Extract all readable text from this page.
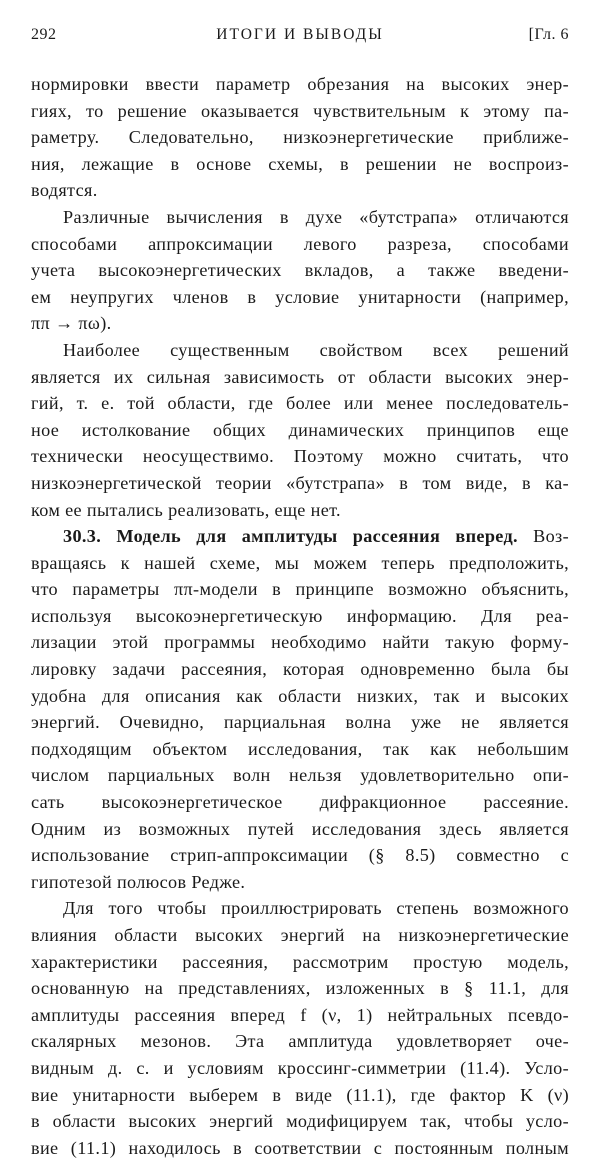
292	ИТОГИ И ВЫВОДЫ	[Гл. 6
нормировки ввести параметр обрезания на высоких энер-
гиях, то решение оказывается чувствительным к этому па-
раметру. Следовательно, низкоэнергетические приближе-
ния, лежащие в основе схемы, в решении не воспроиз-
водятся.
Различные вычисления в духе «бутстрапа» отличаются
способами аппроксимации левого разреза, способами
учета высокоэнергетических вкладов, а также введени-
ем неупругих членов в условие унитарности (например,
ππ → πω).
Наиболее существенным свойством всех решений
является их сильная зависимость от области высоких энер-
гий, т. е. той области, где более или менее последователь-
ное истолкование общих динамических принципов еще
технически неосуществимо. Поэтому можно считать, что
низкоэнергетической теории «бутстрапа» в том виде, в ка-
ком ее пытались реализовать, еще нет.
30.3. Модель для амплитуды рассеяния вперед. Воз-
вращаясь к нашей схеме, мы можем теперь предположить,
что параметры ππ-модели в принципе возможно объяснить,
используя высокоэнергетическую информацию. Для реа-
лизации этой программы необходимо найти такую форму-
лировку задачи рассеяния, которая одновременно была бы
удобна для описания как области низких, так и высоких
энергий. Очевидно, парциальная волна уже не является
подходящим объектом исследования, так как небольшим
числом парциальных волн нельзя удовлетворительно опи-
сать высокоэнергетическое дифракционное рассеяние.
Одним из возможных путей исследования здесь является
использование стрип-аппроксимации (§ 8.5) совместно с
гипотезой полюсов Редже.
Для того чтобы проиллюстрировать степень возможного
влияния области высоких энергий на низкоэнергетические
характеристики рассеяния, рассмотрим простую модель,
основанную на представлениях, изложенных в § 11.1, для
амплитуды рассеяния вперед f (ν, 1) нейтральных псевдо-
скалярных мезонов. Эта амплитуда удовлетворяет оче-
видным д. с. и условиям кроссинг-симметрии (11.4). Усло-
вие унитарности выберем в виде (11.1), где фактор K (ν)
в области высоких энергий модифицируем так, чтобы усло-
вие (11.1) находилось в соответствии с постоянным полным
